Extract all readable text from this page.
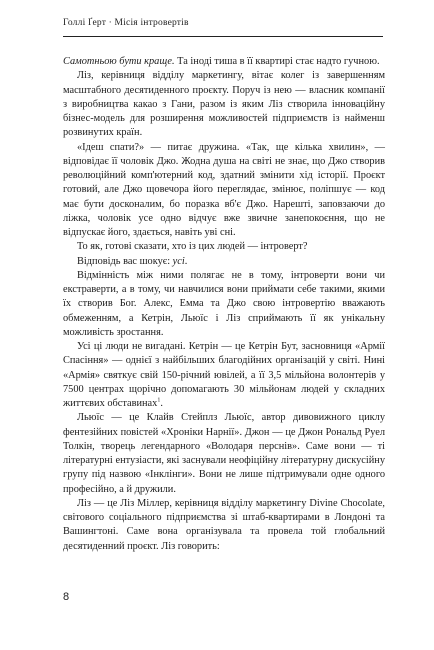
Голлі Ґерт · Місія інтровертів

Самотньою бути краще. Та іноді тиша в її квартирі стає надто гучною.

Ліз, керівниця відділу маркетингу, вітає колег із завершенням масштабного десятиденного проєкту. Поруч із нею — власник компанії з виробництва какао з Гани, разом із яким Ліз створила інноваційну бізнес-модель для розширення можливостей підприємств із найменш розвинутих країн.

«Ідеш спати?» — питає дружина. «Так, ще кілька хвилин», — відповідає її чоловік Джо. Жодна душа на світі не знає, що Джо створив революційний комп'ютерний код, здатний змінити хід історії. Проєкт готовий, але Джо щовечора його переглядає, змінює, поліпшує — код має бути досконалим, бо поразка вб'є Джо. Нарешті, заповзаючи до ліжка, чоловік усе одно відчує вже звичне занепокоєння, що не відпускає його, здається, навіть уві сні.

То як, готові сказати, хто із цих людей — інтроверт?

Відповідь вас шокує: усі.

Відмінність між ними полягає не в тому, інтроверти вони чи екстраверти, а в тому, чи навчилися вони приймати себе такими, якими їх створив Бог. Алекс, Емма та Джо свою інтровертію вважають обмеженням, а Кетрін, Льюїс і Ліз сприймають її як унікальну можливість зростання.

Усі ці люди не вигадані. Кетрін — це Кетрін Бут, засновниця «Армії Спасіння» — однієї з найбільших благодійних організацій у світі. Нині «Армія» святкує свій 150-річний ювілей, а її 3,5 мільйона волонтерів у 7500 центрах щорічно допомагають 30 мільйонам людей у складних життєвих обставинах$^1$.

Льюїс — це Клайв Стейплз Льюїс, автор дивовижного циклу фентезійних повістей «Хроніки Нарнії». Джон — це Джон Рональд Руел Толкін, творець легендарного «Володаря перснів». Саме вони — ті літературні ентузіасти, які заснували неофіційну літературну дискусійну групу під назвою «Інклінги». Вони не лише підтримували одне одного професійно, а й дружили.

Ліз — це Ліз Міллер, керівниця відділу маркетингу Divine Chocolate, світового соціального підприємства зі штаб-квартирами в Лондоні та Вашингтоні. Саме вона організувала та провела той глобальний десятиденний проєкт. Ліз говорить:

8
